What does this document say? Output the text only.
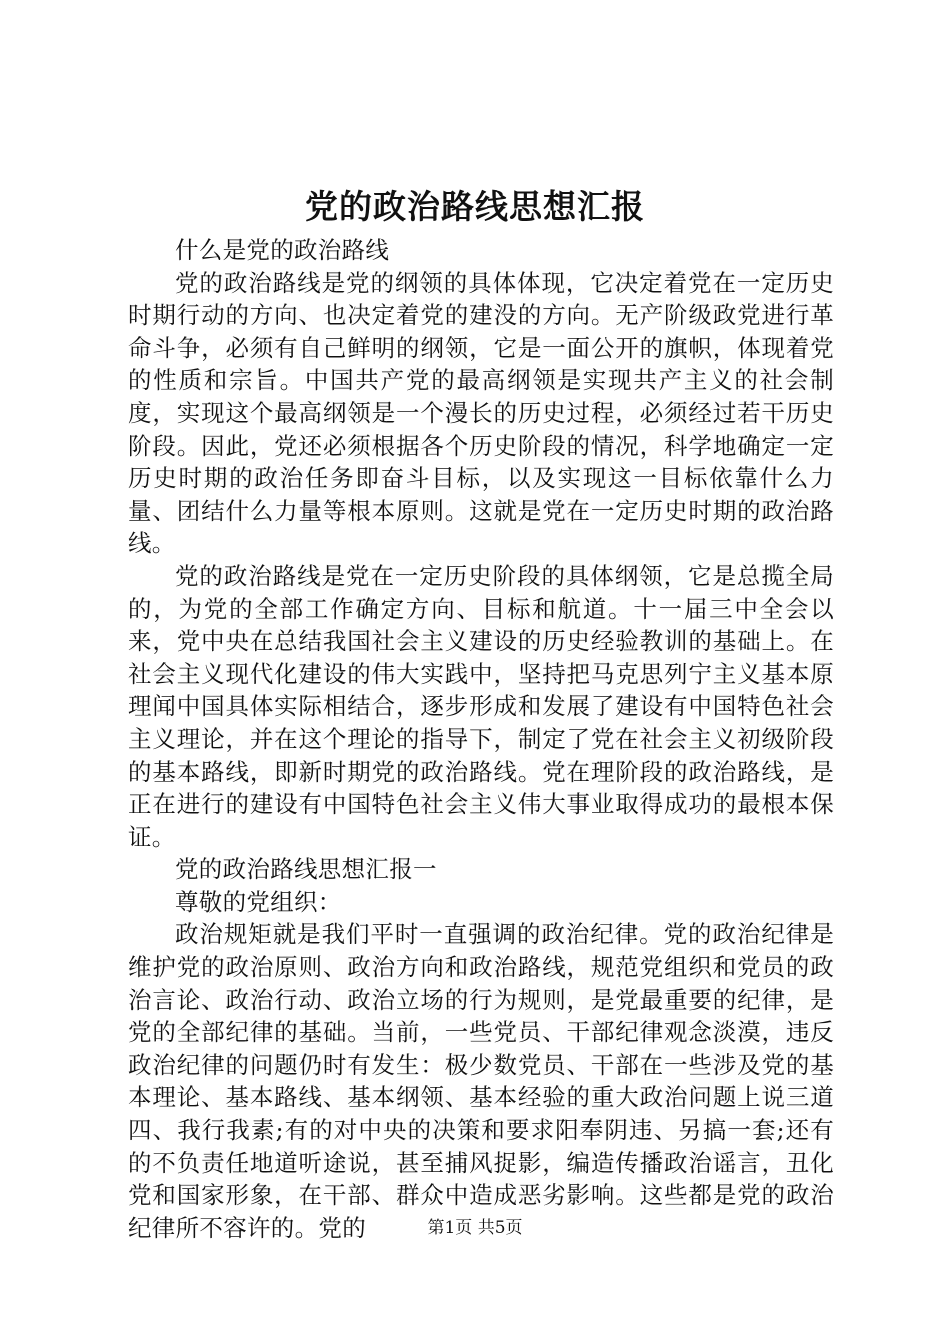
党的政治路线思想汇报

什么是党的政治路线

党的政治路线是党的纲领的具体体现，它决定着党在一定历史时期行动的方向、也决定着党的建没的方向。无产阶级政党进行革命斗争，必须有自己鲜明的纲领，它是一面公开的旗帜，体现着党的性质和宗旨。中国共产党的最高纲领是实现共产主义的社会制度，实现这个最高纲领是一个漫长的历史过程，必须经过若干历史阶段。因此，党还必须根据各个历史阶段的情况，科学地确定一定历史时期的政治任务即奋斗目标，以及实现这一目标依靠什么力量、团结什么力量等根本原则。这就是党在一定历史时期的政治路线。

党的政治路线是党在一定历史阶段的具体纲领，它是总揽全局的，为党的全部工作确定方向、目标和航道。十一届三中全会以来，党中央在总结我国社会主义建设的历史经验教训的基础上。在社会主义现代化建设的伟大实践中，坚持把马克思列宁主义基本原理闻中国具体实际相结合，逐步形成和发展了建设有中国特色社会主义理论，并在这个理论的指导下，制定了党在社会主义初级阶段的基本路线，即新时期党的政治路线。党在理阶段的政治路线，是正在进行的建设有中国特色社会主义伟大事业取得成功的最根本保证。

党的政治路线思想汇报一

尊敬的党组织：

政治规矩就是我们平时一直强调的政治纪律。党的政治纪律是维护党的政治原则、政治方向和政治路线，规范党组织和党员的政治言论、政治行动、政治立场的行为规则，是党最重要的纪律，是党的全部纪律的基础。当前，一些党员、干部纪律观念淡漠，违反政治纪律的问题仍时有发生：极少数党员、干部在一些涉及党的基本理论、基本路线、基本纲领、基本经验的重大政治问题上说三道四、我行我素;有的对中央的决策和要求阳奉阴违、另搞一套;还有的不负责任地道听途说，甚至捕风捉影，编造传播政治谣言，丑化党和国家形象，在干部、群众中造成恶劣影响。这些都是党的政治纪律所不容许的。党的	第1页 共5页
